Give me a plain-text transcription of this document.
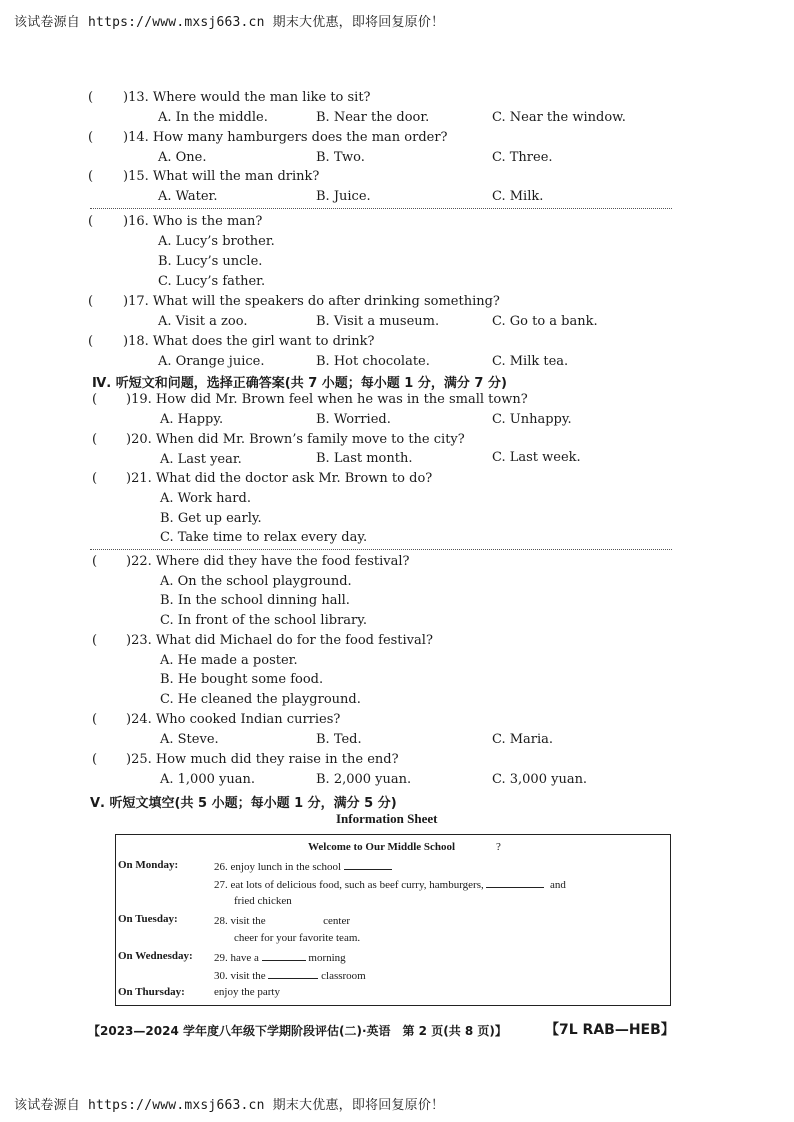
该试卷源自 https://www.mxsj663.cn 期末大优惠，即将回复原价！
( )13. Where would the man like to sit?
A. In the middle.	B. Near the door.	C. Near the window.
( )14. How many hamburgers does the man order?
A. One.	B. Two.	C. Three.
( )15. What will the man drink?
A. Water.	B. Juice.	C. Milk.
( )16. Who is the man?
A. Lucy’s brother.
B. Lucy’s uncle.
C. Lucy’s father.
( )17. What will the speakers do after drinking something?
A. Visit a zoo.	B. Visit a museum.	C. Go to a bank.
( )18. What does the girl want to drink?
A. Orange juice.	B. Hot chocolate.	C. Milk tea.
Ⅳ. 听短文和问题，选择正确答案(共 7 小题；每小题 1 分，满分 7 分)
( )19. How did Mr. Brown feel when he was in the small town?
A. Happy.	B. Worried.	C. Unhappy.
( )20. When did Mr. Brown’s family move to the city?
A. Last year.	B. Last month.	C. Last week.
( )21. What did the doctor ask Mr. Brown to do?
A. Work hard.
B. Get up early.
C. Take time to relax every day.
( )22. Where did they have the food festival?
A. On the school playground.
B. In the school dinning hall.
C. In front of the school library.
( )23. What did Michael do for the food festival?
A. He made a poster.
B. He bought some food.
C. He cleaned the playground.
( )24. Who cooked Indian curries?
A. Steve.	B. Ted.	C. Maria.
( )25. How much did they raise in the end?
A. 1,000 yuan.	B. 2,000 yuan.	C. 3,000 yuan.
Ⅴ. 听短文填空(共 5 小题；每小题 1 分，满分 5 分)
Information Sheet
Welcome to Our Middle School	?
On Monday:	26. enjoy lunch in the school
27. eat lots of delicious food, such as beef curry, hamburgers,	and
fried chicken
On Tuesday:	28. visit the	center
cheer for your favorite team.
On Wednesday: 29. have a	morning
30. visit the	classroom
On Thursday:	enjoy the party
【2023—2024 学年度八年级下学期阶段评估(二)·英语　第 2 页(共 8 页)】	【7L RAB—HEB】
该试卷源自 https://www.mxsj663.cn 期末大优惠，即将回复原价！
